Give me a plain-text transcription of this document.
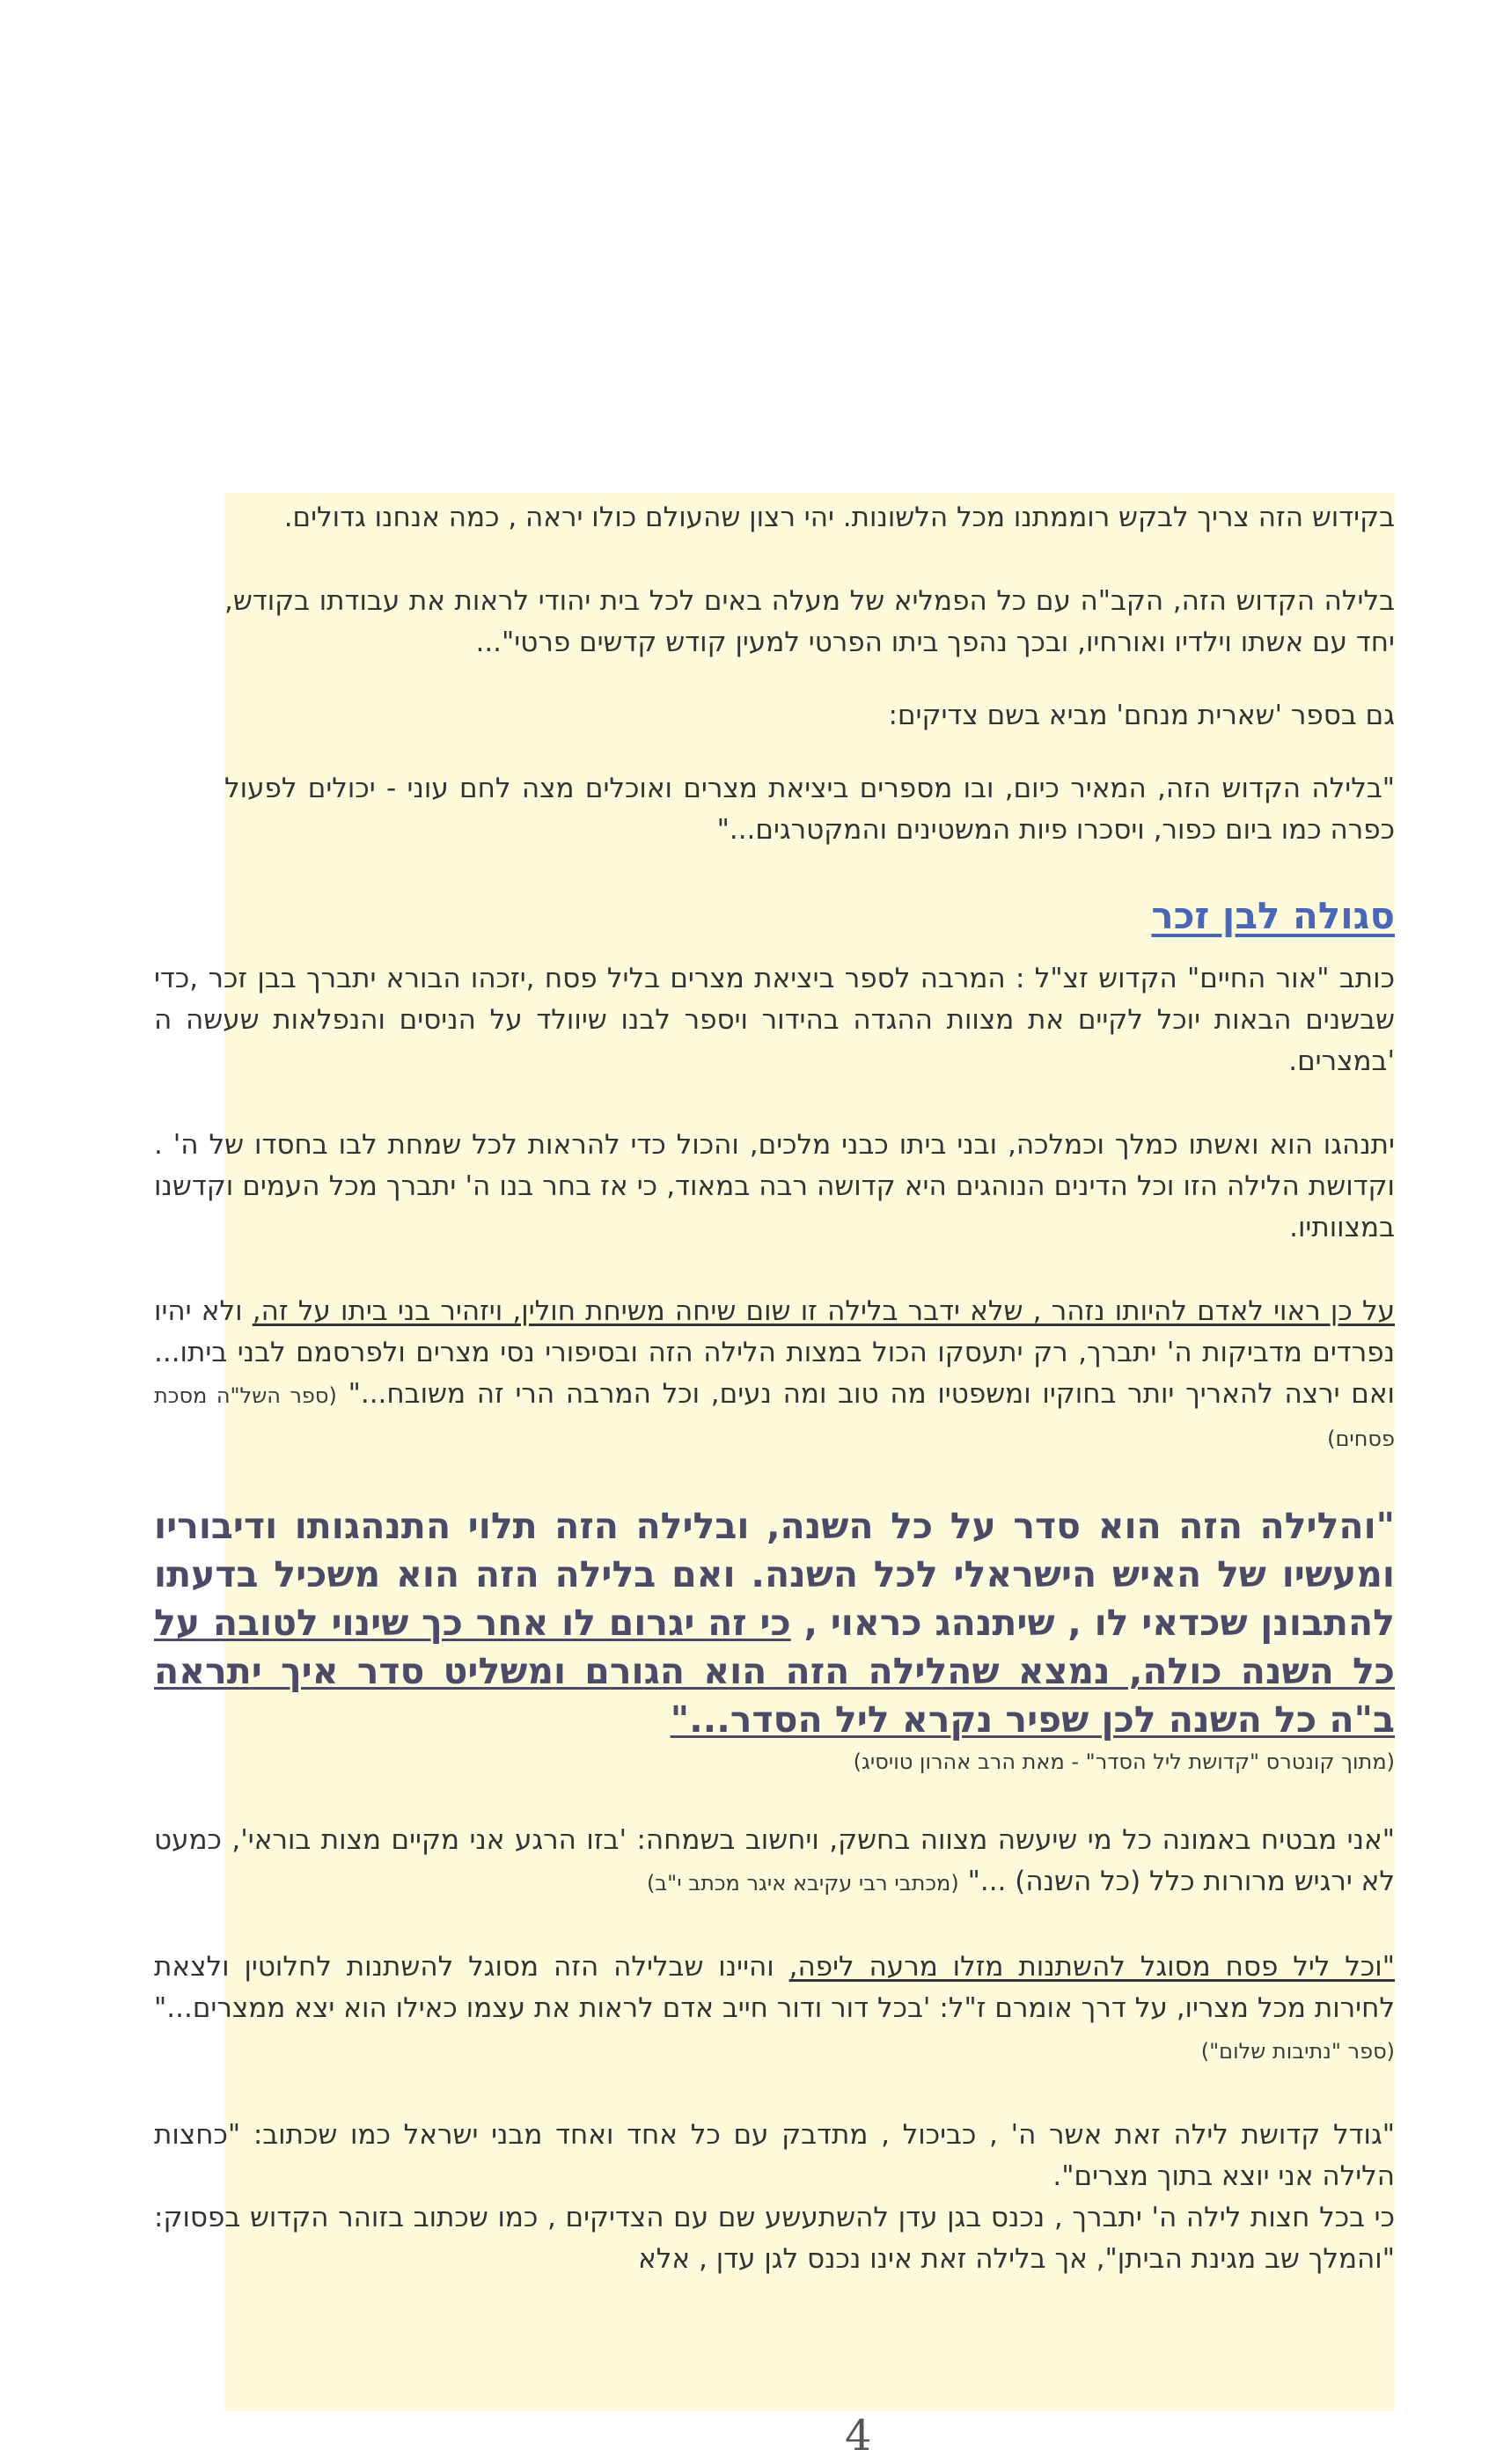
בקידוש הזה צריך לבקש רוממתנו מכל הלשונות. יהי רצון שהעולם כולו יראה , כמה אנחנו גדולים.

בלילה הקדוש הזה, הקב"ה עם כל הפמליא של מעלה באים לכל בית יהודי לראות את עבודתו בקודש, יחד עם אשתו וילדיו ואורחיו, ובכך נהפך ביתו הפרטי למעין קודש קדשים פרטי"...

גם בספר 'שארית מנחם' מביא בשם צדיקים:

"בלילה הקדוש הזה, המאיר כיום, ובו מספרים ביציאת מצרים ואוכלים מצה לחם עוני - יכולים לפעול כפרה כמו ביום כפור, ויסכרו פיות המשטינים והמקטרגים..."

סגולה לבן זכר

כותב "אור החיים" הקדוש זצ"ל : המרבה לספר ביציאת מצרים בליל פסח ,יזכהו הבורא יתברך בבן זכר ,כדי שבשנים הבאות יוכל לקיים את מצוות ההגדה בהידור ויספר לבנו שיוולד על הניסים והנפלאות שעשה ה 'במצרים.

יתנהגו הוא ואשתו כמלך וכמלכה, ובני ביתו כבני מלכים, והכול כדי להראות לכל שמחת לבו בחסדו של ה' . וקדושת הלילה הזו וכל הדינים הנוהגים היא קדושה רבה במאוד, כי אז בחר בנו ה' יתברך מכל העמים וקדשנו במצוותיו.

על כן ראוי לאדם להיותו נזהר , שלא ידבר בלילה זו שום שיחה משיחת חולין, ויזהיר בני ביתו על זה, ולא יהיו נפרדים מדביקות ה' יתברך, רק יתעסקו הכול במצות הלילה הזה ובסיפורי נסי מצרים ולפרסמם לבני ביתו... ואם ירצה להאריך יותר בחוקיו ומשפטיו מה טוב ומה נעים, וכל המרבה הרי זה משובח..." (ספר השל"ה מסכת פסחים)

"והלילה הזה הוא סדר על כל השנה, ובלילה הזה תלוי התנהגותו ודיבוריו ומעשיו של האיש הישראלי לכל השנה. ואם בלילה הזה הוא משכיל בדעתו להתבונן שכדאי לו , שיתנהג כראוי , כי זה יגרום לו אחר כך שינוי לטובה על כל השנה כולה, נמצא שהלילה הזה הוא הגורם ומשליט סדר איך יתראה ב"ה כל השנה לכן שפיר נקרא ליל הסדר..."

(מתוך קונטרס "קדושת ליל הסדר" - מאת הרב אהרון טויסיג)

"אני מבטיח באמונה כל מי שיעשה מצווה בחשק, ויחשוב בשמחה: 'בזו הרגע אני מקיים מצות בוראי', כמעט לא ירגיש מרורות כלל (כל השנה) ..." (מכתבי רבי עקיבא איגר מכתב י"ב)

"וכל ליל פסח מסוגל להשתנות מזלו מרעה ליפה, והיינו שבלילה הזה מסוגל להשתנות לחלוטין ולצאת לחירות מכל מצריו, על דרך אומרם ז"ל: 'בכל דור ודור חייב אדם לראות את עצמו כאילו הוא יצא ממצרים..." (ספר "נתיבות שלום")

"גודל קדושת לילה זאת אשר ה' , כביכול , מתדבק עם כל אחד ואחד מבני ישראל כמו שכתוב: "כחצות הלילה אני יוצא בתוך מצרים".

כי בכל חצות לילה ה' יתברך , נכנס בגן עדן להשתעשע שם עם הצדיקים , כמו שכתוב בזוהר הקדוש בפסוק: "והמלך שב מגינת הביתן", אך בלילה זאת אינו נכנס לגן עדן , אלא

4
